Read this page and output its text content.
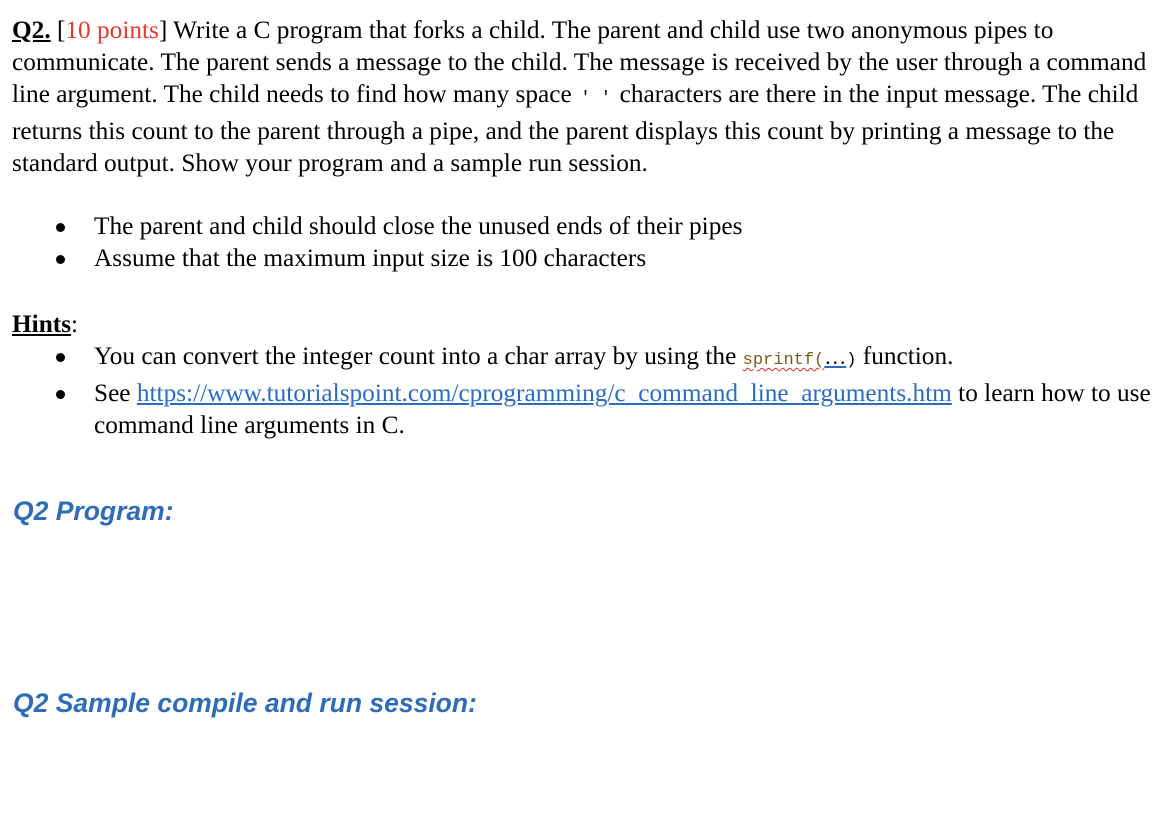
Q2. [10 points] Write a C program that forks a child. The parent and child use two anonymous pipes to communicate. The parent sends a message to the child. The message is received by the user through a command line argument. The child needs to find how many space ' ' characters are there in the input message. The child returns this count to the parent through a pipe, and the parent displays this count by printing a message to the standard output. Show your program and a sample run session.

The parent and child should close the unused ends of their pipes
Assume that the maximum input size is 100 characters
Hints:
You can convert the integer count into a char array by using the sprintf(…) function.
See https://www.tutorialspoint.com/cprogramming/c_command_line_arguments.htm to learn how to use command line arguments in C.
Q2 Program:
Q2 Sample compile and run session:
